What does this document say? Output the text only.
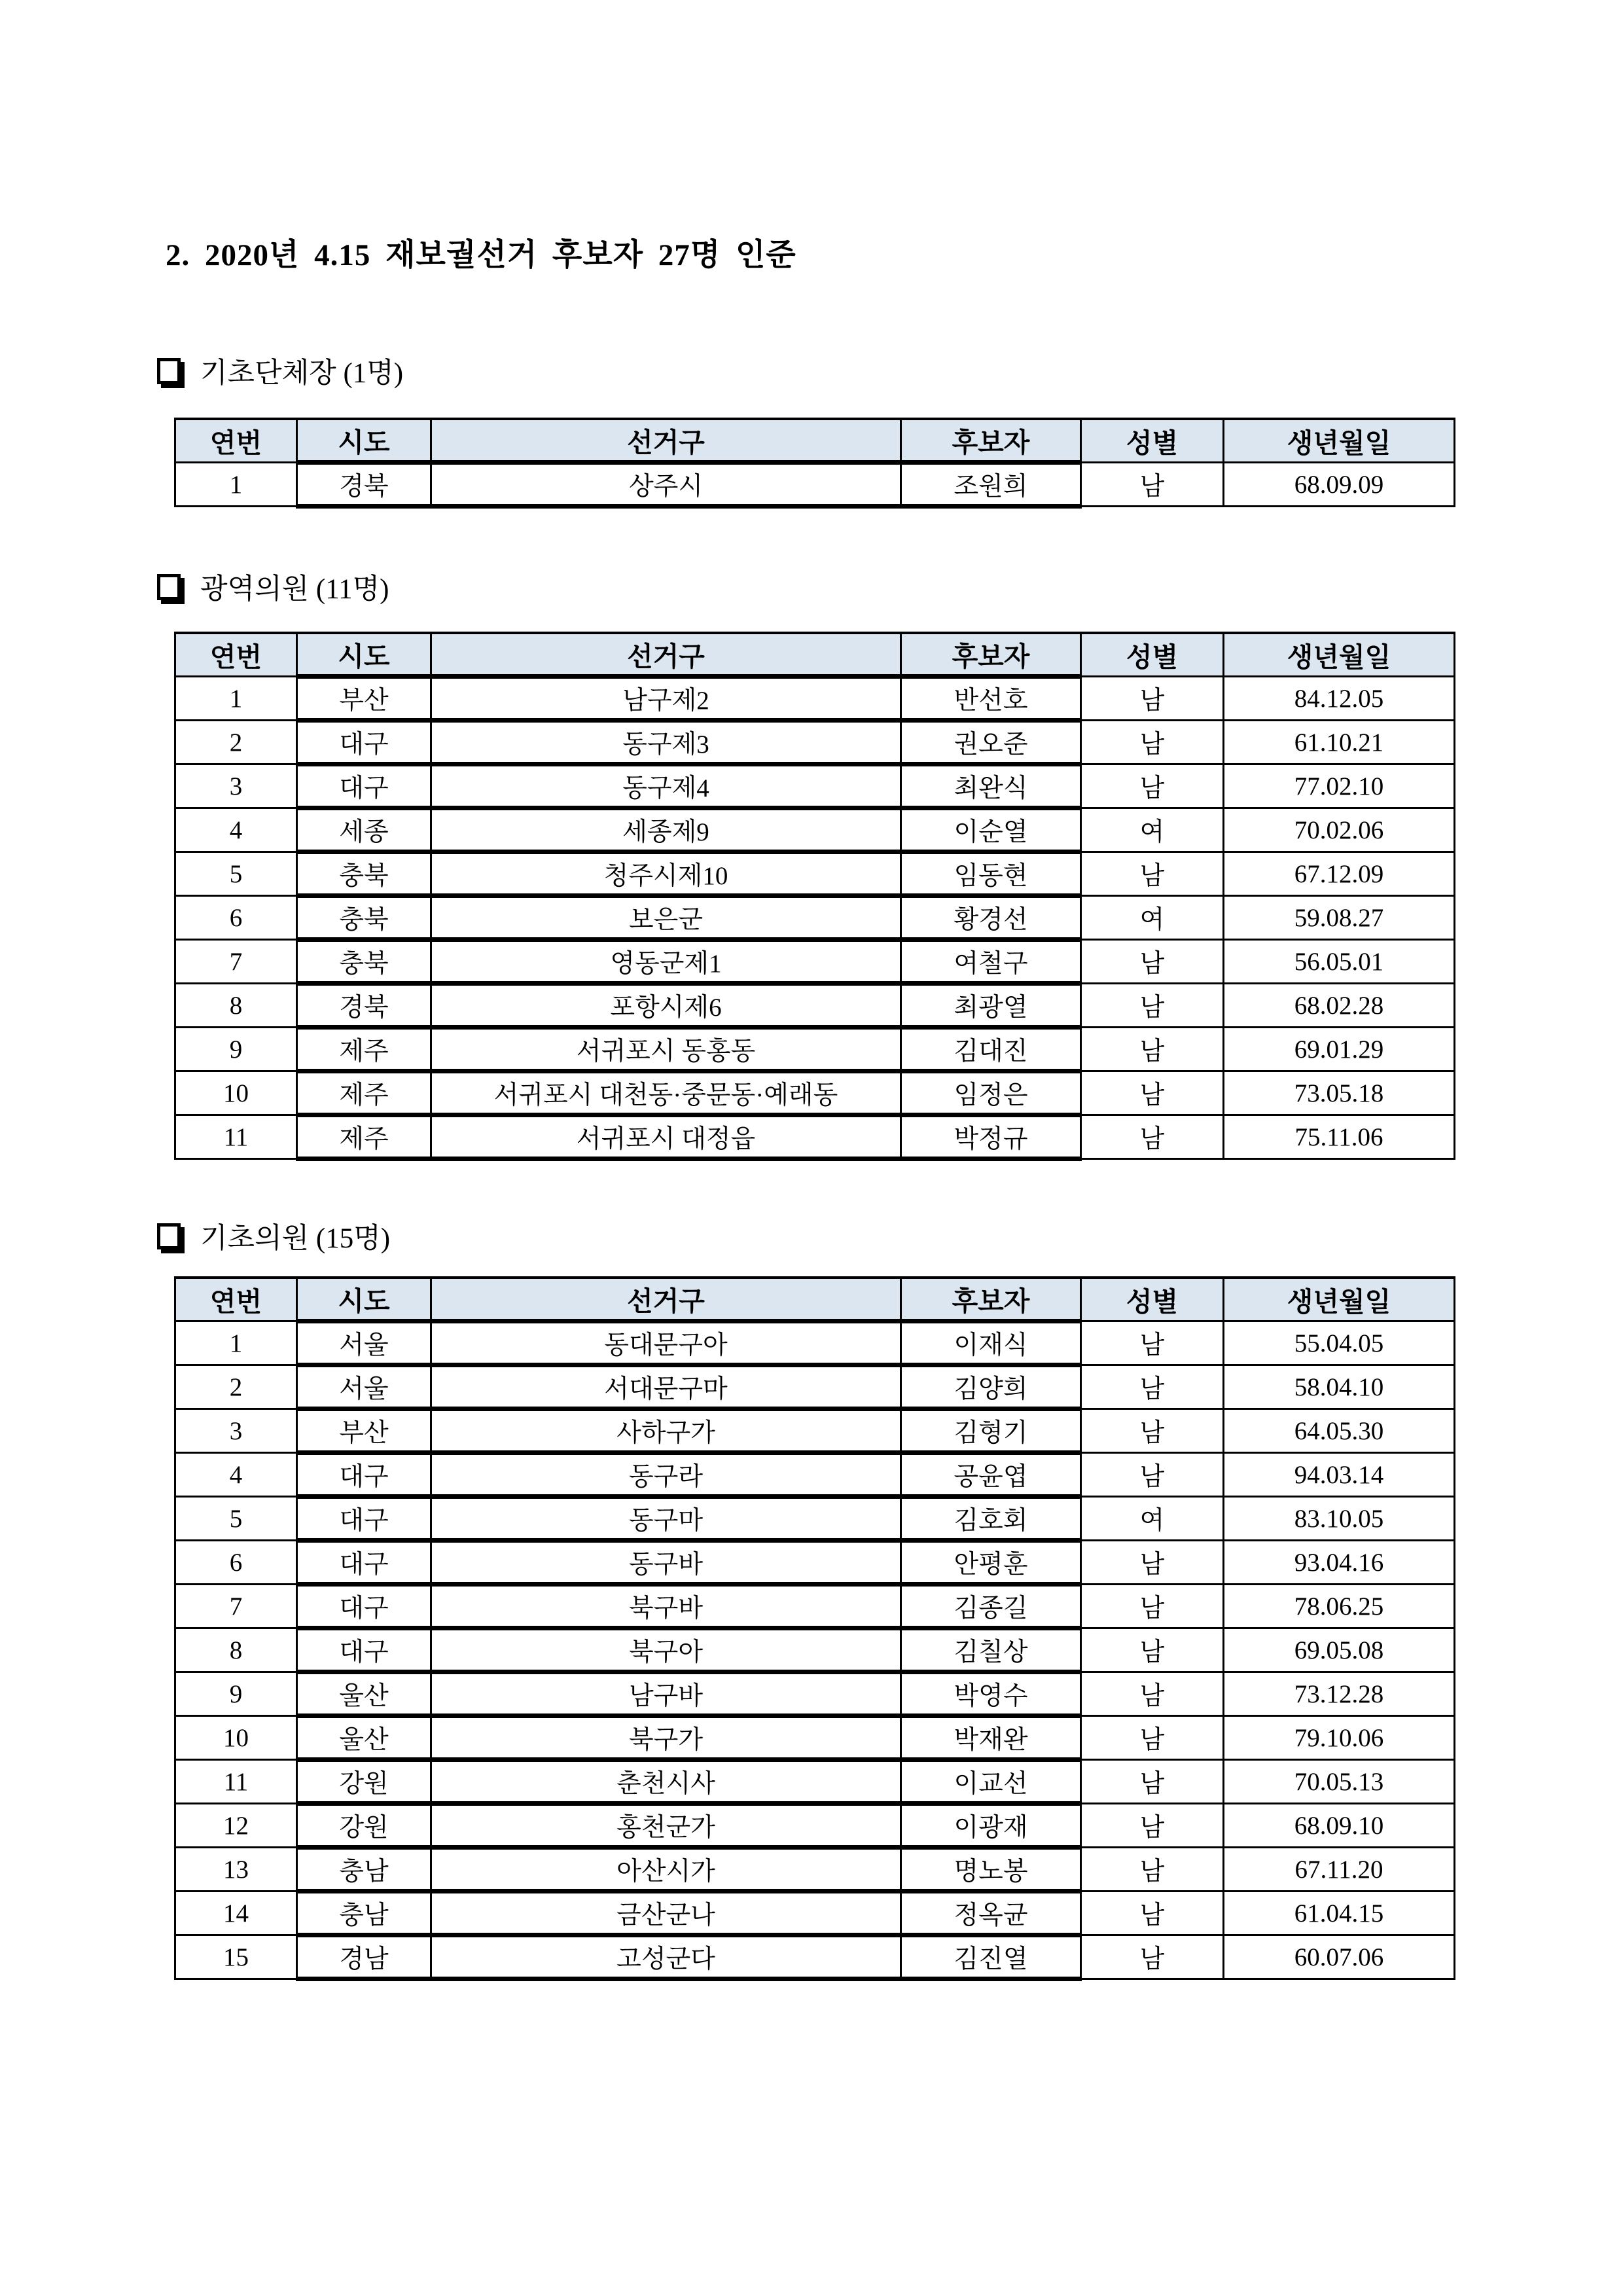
2. 2020년 4.15 재보궐선거 후보자 27명 인준
기초단체장 (1명)
연번	시도	선거구	후보자	성별	생년월일
1	경북	상주시	조원희	남	68.09.09
광역의원 (11명)
연번	시도	선거구	후보자	성별	생년월일
1	부산	남구제2	반선호	남	84.12.05
2	대구	동구제3	권오준	남	61.10.21
3	대구	동구제4	최완식	남	77.02.10
4	세종	세종제9	이순열	여	70.02.06
5	충북	청주시제10	임동현	남	67.12.09
6	충북	보은군	황경선	여	59.08.27
7	충북	영동군제1	여철구	남	56.05.01
8	경북	포항시제6	최광열	남	68.02.28
9	제주	서귀포시 동홍동	김대진	남	69.01.29
10	제주	서귀포시 대천동·중문동·예래동	임정은	남	73.05.18
11	제주	서귀포시 대정읍	박정규	남	75.11.06
기초의원 (15명)
연번	시도	선거구	후보자	성별	생년월일
1	서울	동대문구아	이재식	남	55.04.05
2	서울	서대문구마	김양희	남	58.04.10
3	부산	사하구가	김형기	남	64.05.30
4	대구	동구라	공윤엽	남	94.03.14
5	대구	동구마	김호회	여	83.10.05
6	대구	동구바	안평훈	남	93.04.16
7	대구	북구바	김종길	남	78.06.25
8	대구	북구아	김칠상	남	69.05.08
9	울산	남구바	박영수	남	73.12.28
10	울산	북구가	박재완	남	79.10.06
11	강원	춘천시사	이교선	남	70.05.13
12	강원	홍천군가	이광재	남	68.09.10
13	충남	아산시가	명노봉	남	67.11.20
14	충남	금산군나	정옥균	남	61.04.15
15	경남	고성군다	김진열	남	60.07.06
